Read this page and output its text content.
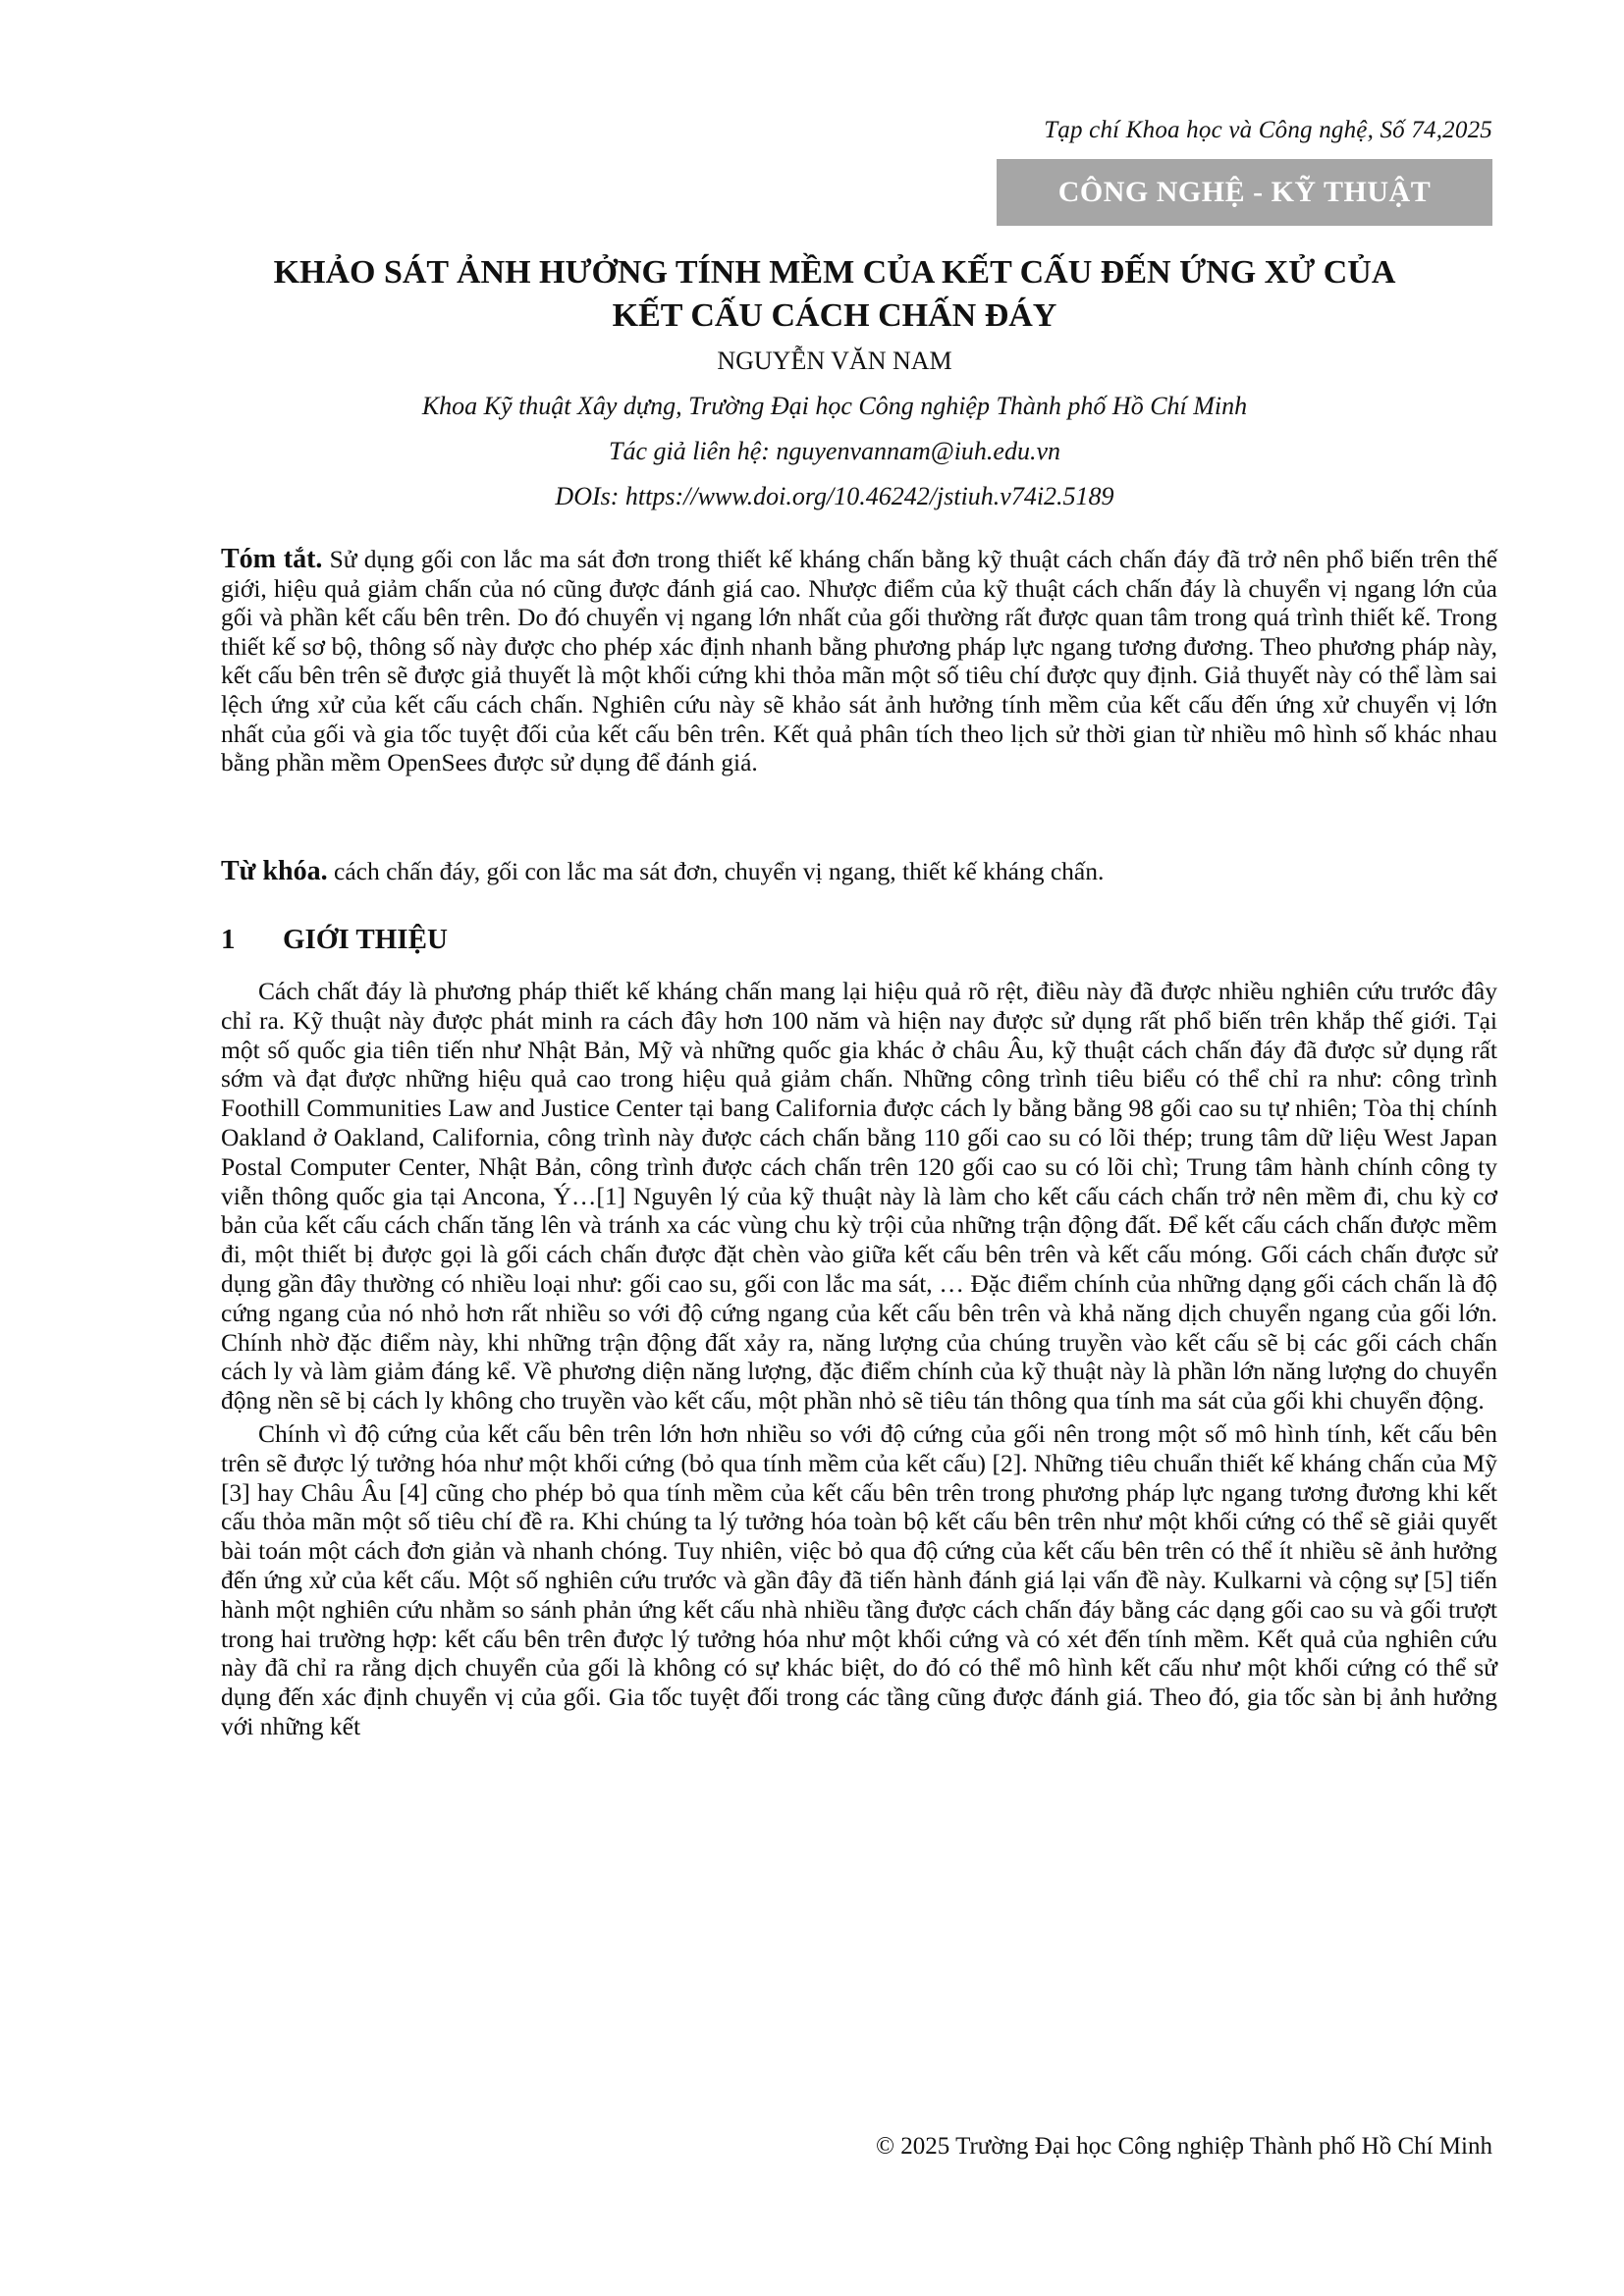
Tạp chí Khoa học và Công nghệ, Số 74,2025
CÔNG NGHỆ - KỸ THUẬT
KHẢO SÁT ẢNH HƯỞNG TÍNH MỀM CỦA KẾT CẤU ĐẾN ỨNG XỬ CỦA
KẾT CẤU CÁCH CHẤN ĐÁY
NGUYỄN VĂN NAM
Khoa Kỹ thuật Xây dựng, Trường Đại học Công nghiệp Thành phố Hồ Chí Minh
Tác giả liên hệ: nguyenvannam@iuh.edu.vn
DOIs: https://www.doi.org/10.46242/jstiuh.v74i2.5189

Tóm tắt. Sử dụng gối con lắc ma sát đơn trong thiết kế kháng chấn bằng kỹ thuật cách chấn đáy đã trở nên phổ biến trên thế giới, hiệu quả giảm chấn của nó cũng được đánh giá cao. Nhược điểm của kỹ thuật cách chấn đáy là chuyển vị ngang lớn của gối và phần kết cấu bên trên. Do đó chuyển vị ngang lớn nhất của gối thường rất được quan tâm trong quá trình thiết kế. Trong thiết kế sơ bộ, thông số này được cho phép xác định nhanh bằng phương pháp lực ngang tương đương. Theo phương pháp này, kết cấu bên trên sẽ được giả thuyết là một khối cứng khi thỏa mãn một số tiêu chí được quy định. Giả thuyết này có thể làm sai lệch ứng xử của kết cấu cách chấn. Nghiên cứu này sẽ khảo sát ảnh hưởng tính mềm của kết cấu đến ứng xử chuyển vị lớn nhất của gối và gia tốc tuyệt đối của kết cấu bên trên. Kết quả phân tích theo lịch sử thời gian từ nhiều mô hình số khác nhau bằng phần mềm OpenSees được sử dụng để đánh giá.

Từ khóa. cách chấn đáy, gối con lắc ma sát đơn, chuyển vị ngang, thiết kế kháng chấn.

1 GIỚI THIỆU

Cách chất đáy là phương pháp thiết kế kháng chấn mang lại hiệu quả rõ rệt, điều này đã được nhiều nghiên cứu trước đây chỉ ra. Kỹ thuật này được phát minh ra cách đây hơn 100 năm và hiện nay được sử dụng rất phổ biến trên khắp thế giới. Tại một số quốc gia tiên tiến như Nhật Bản, Mỹ và những quốc gia khác ở châu Âu, kỹ thuật cách chấn đáy đã được sử dụng rất sớm và đạt được những hiệu quả cao trong hiệu quả giảm chấn. Những công trình tiêu biểu có thể chỉ ra như: công trình Foothill Communities Law and Justice Center tại bang California được cách ly bằng bằng 98 gối cao su tự nhiên; Tòa thị chính Oakland ở Oakland, California, công trình này được cách chấn bằng 110 gối cao su có lõi thép; trung tâm dữ liệu West Japan Postal Computer Center, Nhật Bản, công trình được cách chấn trên 120 gối cao su có lõi chì; Trung tâm hành chính công ty viễn thông quốc gia tại Ancona, Ý…[1] Nguyên lý của kỹ thuật này là làm cho kết cấu cách chấn trở nên mềm đi, chu kỳ cơ bản của kết cấu cách chấn tăng lên và tránh xa các vùng chu kỳ trội của những trận động đất. Để kết cấu cách chấn được mềm đi, một thiết bị được gọi là gối cách chấn được đặt chèn vào giữa kết cấu bên trên và kết cấu móng. Gối cách chấn được sử dụng gần đây thường có nhiều loại như: gối cao su, gối con lắc ma sát, … Đặc điểm chính của những dạng gối cách chấn là độ cứng ngang của nó nhỏ hơn rất nhiều so với độ cứng ngang của kết cấu bên trên và khả năng dịch chuyển ngang của gối lớn. Chính nhờ đặc điểm này, khi những trận động đất xảy ra, năng lượng của chúng truyền vào kết cấu sẽ bị các gối cách chấn cách ly và làm giảm đáng kể. Về phương diện năng lượng, đặc điểm chính của kỹ thuật này là phần lớn năng lượng do chuyển động nền sẽ bị cách ly không cho truyền vào kết cấu, một phần nhỏ sẽ tiêu tán thông qua tính ma sát của gối khi chuyển động.

Chính vì độ cứng của kết cấu bên trên lớn hơn nhiều so với độ cứng của gối nên trong một số mô hình tính, kết cấu bên trên sẽ được lý tưởng hóa như một khối cứng (bỏ qua tính mềm của kết cấu) [2]. Những tiêu chuẩn thiết kế kháng chấn của Mỹ [3] hay Châu Âu [4] cũng cho phép bỏ qua tính mềm của kết cấu bên trên trong phương pháp lực ngang tương đương khi kết cấu thỏa mãn một số tiêu chí đề ra. Khi chúng ta lý tưởng hóa toàn bộ kết cấu bên trên như một khối cứng có thể sẽ giải quyết bài toán một cách đơn giản và nhanh chóng. Tuy nhiên, việc bỏ qua độ cứng của kết cấu bên trên có thể ít nhiều sẽ ảnh hưởng đến ứng xử của kết cấu. Một số nghiên cứu trước và gần đây đã tiến hành đánh giá lại vấn đề này. Kulkarni và cộng sự [5] tiến hành một nghiên cứu nhằm so sánh phản ứng kết cấu nhà nhiều tầng được cách chấn đáy bằng các dạng gối cao su và gối trượt trong hai trường hợp: kết cấu bên trên được lý tưởng hóa như một khối cứng và có xét đến tính mềm. Kết quả của nghiên cứu này đã chỉ ra rằng dịch chuyển của gối là không có sự khác biệt, do đó có thể mô hình kết cấu như một khối cứng có thể sử dụng đến xác định chuyển vị của gối. Gia tốc tuyệt đối trong các tầng cũng được đánh giá. Theo đó, gia tốc sàn bị ảnh hưởng với những kết

© 2025 Trường Đại học Công nghiệp Thành phố Hồ Chí Minh
